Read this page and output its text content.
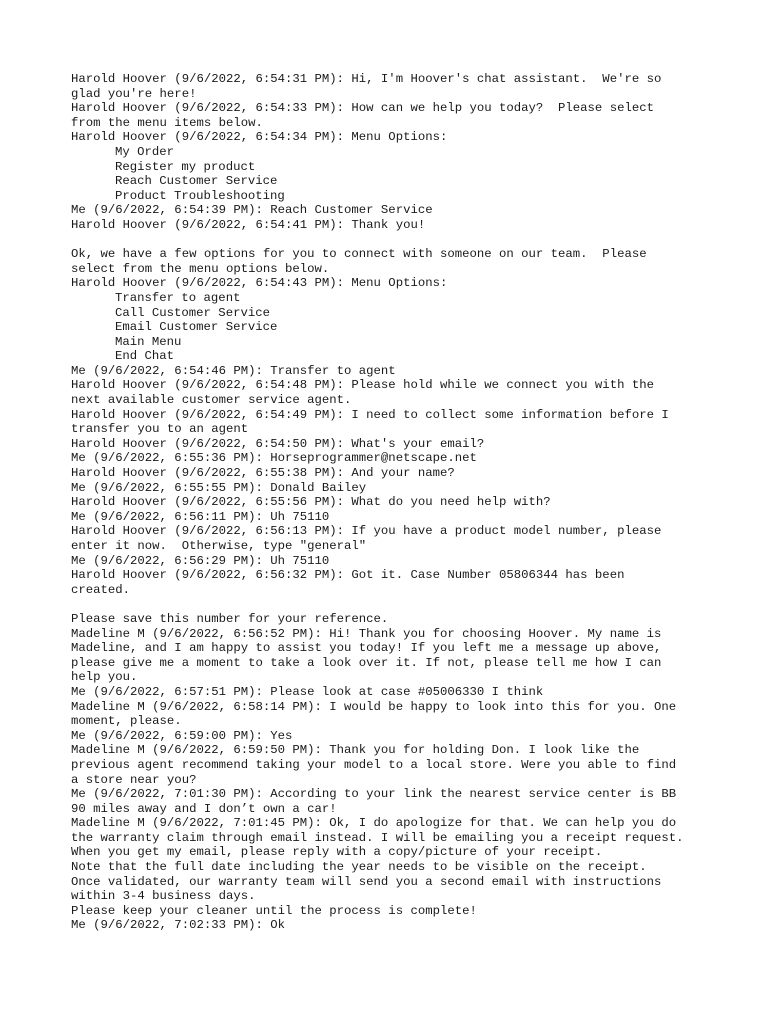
Harold Hoover (9/6/2022, 6:54:31 PM): Hi, I'm Hoover's chat assistant.  We're so
glad you're here!
Harold Hoover (9/6/2022, 6:54:33 PM): How can we help you today?  Please select
from the menu items below.
Harold Hoover (9/6/2022, 6:54:34 PM): Menu Options:
My Order
Register my product
Reach Customer Service
Product Troubleshooting
Me (9/6/2022, 6:54:39 PM): Reach Customer Service
Harold Hoover (9/6/2022, 6:54:41 PM): Thank you!
Ok, we have a few options for you to connect with someone on our team.  Please
select from the menu options below.
Harold Hoover (9/6/2022, 6:54:43 PM): Menu Options:
Transfer to agent
Call Customer Service
Email Customer Service
Main Menu
End Chat
Me (9/6/2022, 6:54:46 PM): Transfer to agent
Harold Hoover (9/6/2022, 6:54:48 PM): Please hold while we connect you with the
next available customer service agent.
Harold Hoover (9/6/2022, 6:54:49 PM): I need to collect some information before I
transfer you to an agent
Harold Hoover (9/6/2022, 6:54:50 PM): What's your email?
Me (9/6/2022, 6:55:36 PM): Horseprogrammer@netscape.net
Harold Hoover (9/6/2022, 6:55:38 PM): And your name?
Me (9/6/2022, 6:55:55 PM): Donald Bailey
Harold Hoover (9/6/2022, 6:55:56 PM): What do you need help with?
Me (9/6/2022, 6:56:11 PM): Uh 75110
Harold Hoover (9/6/2022, 6:56:13 PM): If you have a product model number, please
enter it now.  Otherwise, type "general"
Me (9/6/2022, 6:56:29 PM): Uh 75110
Harold Hoover (9/6/2022, 6:56:32 PM): Got it. Case Number 05806344 has been
created.
Please save this number for your reference.
Madeline M (9/6/2022, 6:56:52 PM): Hi! Thank you for choosing Hoover. My name is
Madeline, and I am happy to assist you today! If you left me a message up above,
please give me a moment to take a look over it. If not, please tell me how I can
help you.
Me (9/6/2022, 6:57:51 PM): Please look at case #05006330 I think
Madeline M (9/6/2022, 6:58:14 PM): I would be happy to look into this for you. One
moment, please.
Me (9/6/2022, 6:59:00 PM): Yes
Madeline M (9/6/2022, 6:59:50 PM): Thank you for holding Don. I look like the
previous agent recommend taking your model to a local store. Were you able to find
a store near you?
Me (9/6/2022, 7:01:30 PM): According to your link the nearest service center is BB
90 miles away and I don’t own a car!
Madeline M (9/6/2022, 7:01:45 PM): Ok, I do apologize for that. We can help you do
the warranty claim through email instead. I will be emailing you a receipt request.
When you get my email, please reply with a copy/picture of your receipt.
Note that the full date including the year needs to be visible on the receipt.
Once validated, our warranty team will send you a second email with instructions
within 3-4 business days.
Please keep your cleaner until the process is complete!
Me (9/6/2022, 7:02:33 PM): Ok
